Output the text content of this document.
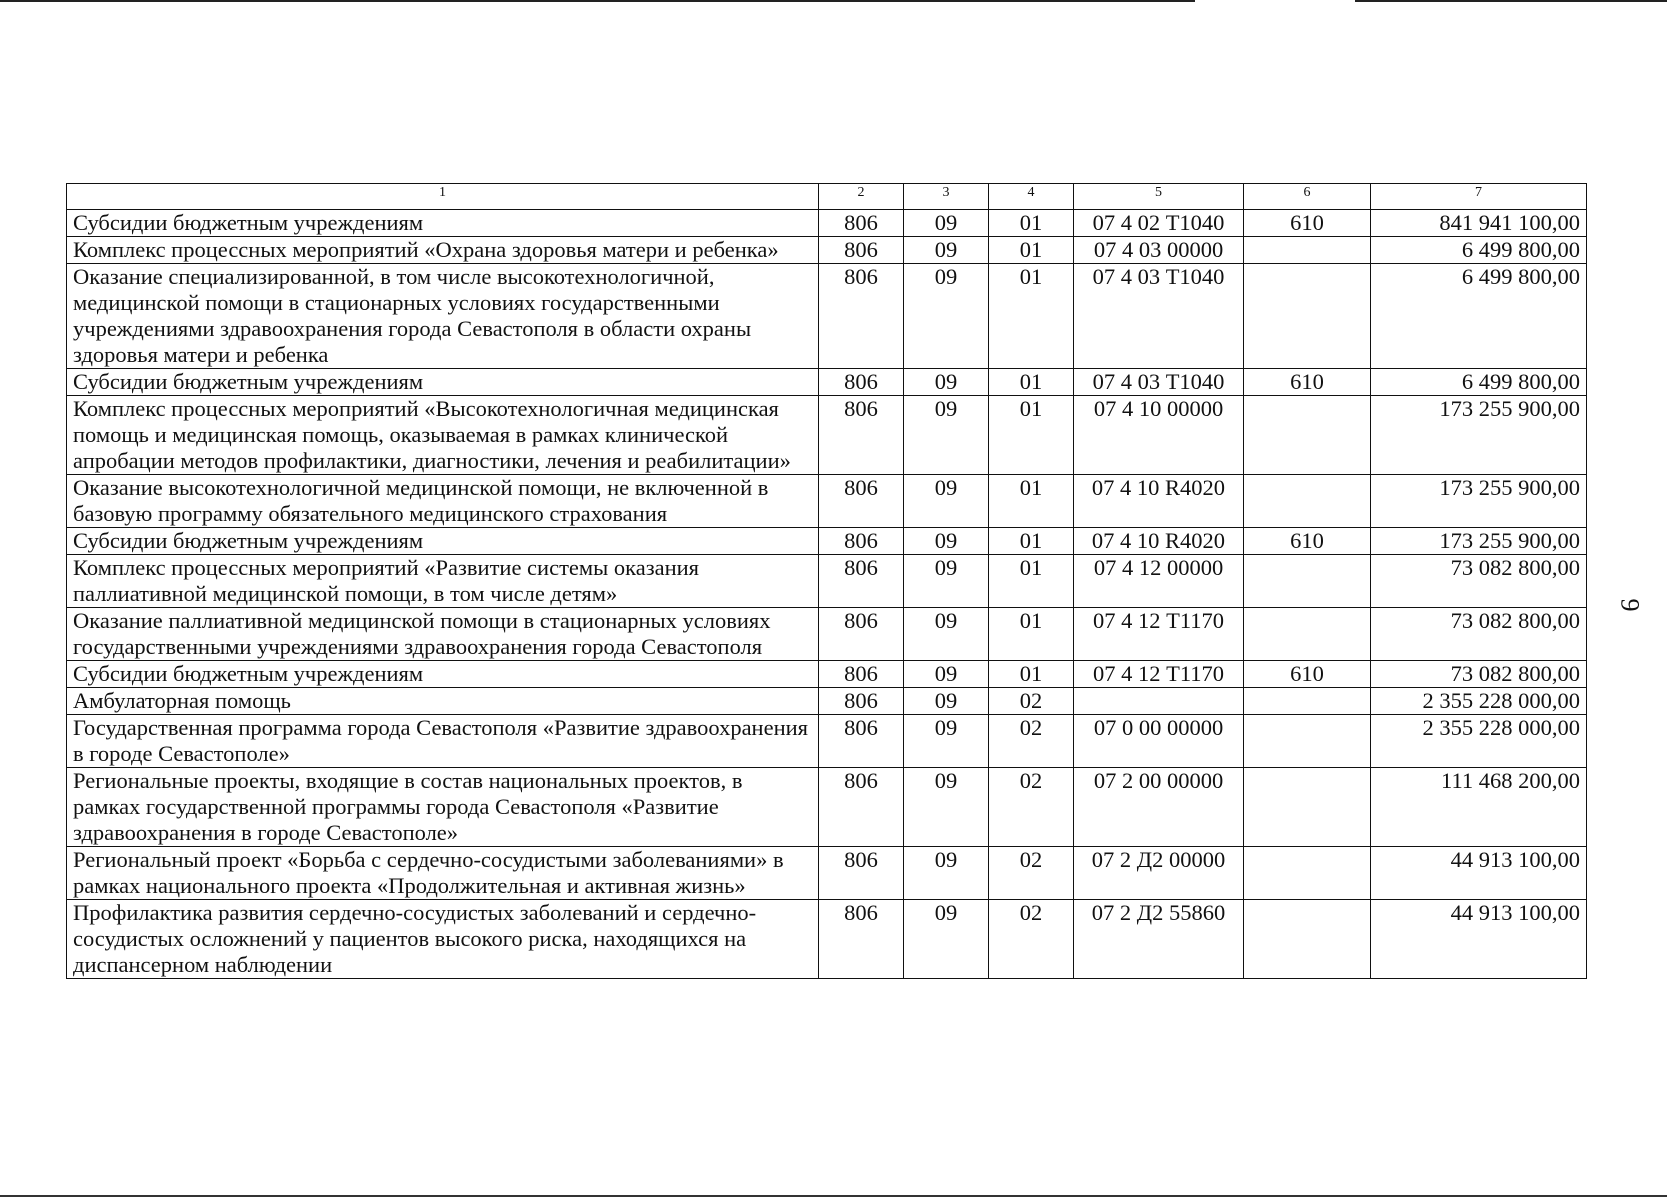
9
1	2	3	4	5	6	7
Субсидии бюджетным учреждениям	806	09	01	07 4 02 Т1040	610	841 941 100,00
Комплекс процессных мероприятий «Охрана здоровья матери и ребенка»	806	09	01	07 4 03 00000		6 499 800,00
Оказание специализированной, в том числе высокотехнологичной, медицинской помощи в стационарных условиях государственными учреждениями здравоохранения города Севастополя в области охраны здоровья матери и ребенка	806	09	01	07 4 03 Т1040		6 499 800,00
Субсидии бюджетным учреждениям	806	09	01	07 4 03 Т1040	610	6 499 800,00
Комплекс процессных мероприятий «Высокотехнологичная медицинская помощь и медицинская помощь, оказываемая в рамках клинической апробации методов профилактики, диагностики, лечения и реабилитации»	806	09	01	07 4 10 00000		173 255 900,00
Оказание высокотехнологичной медицинской помощи, не включенной в базовую программу обязательного медицинского страхования	806	09	01	07 4 10 R4020		173 255 900,00
Субсидии бюджетным учреждениям	806	09	01	07 4 10 R4020	610	173 255 900,00
Комплекс процессных мероприятий «Развитие системы оказания паллиативной медицинской помощи, в том числе детям»	806	09	01	07 4 12 00000		73 082 800,00
Оказание паллиативной медицинской помощи в стационарных условиях государственными учреждениями здравоохранения города Севастополя	806	09	01	07 4 12 Т1170		73 082 800,00
Субсидии бюджетным учреждениям	806	09	01	07 4 12 Т1170	610	73 082 800,00
Амбулаторная помощь	806	09	02			2 355 228 000,00
Государственная программа города Севастополя «Развитие здравоохранения в городе Севастополе»	806	09	02	07 0 00 00000		2 355 228 000,00
Региональные проекты, входящие в состав национальных проектов, в рамках государственной программы города Севастополя «Развитие здравоохранения в городе Севастополе»	806	09	02	07 2 00 00000		111 468 200,00
Региональный проект «Борьба с сердечно-сосудистыми заболеваниями» в рамках национального проекта «Продолжительная и активная жизнь»	806	09	02	07 2 Д2 00000		44 913 100,00
Профилактика развития сердечно-сосудистых заболеваний и сердечно-сосудистых осложнений у пациентов высокого риска, находящихся на диспансерном наблюдении	806	09	02	07 2 Д2 55860		44 913 100,00
